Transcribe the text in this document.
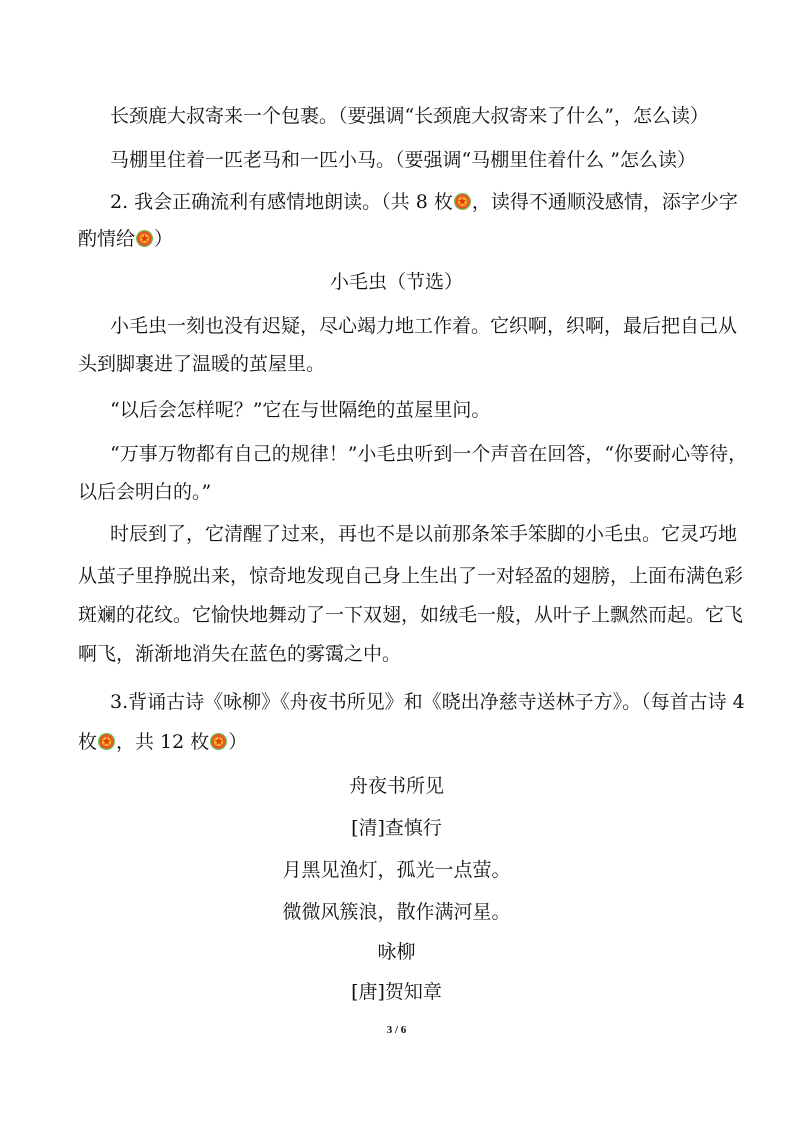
长颈鹿大叔寄来一个包裹。（要强调“长颈鹿大叔寄来了什么”，怎么读）
马棚里住着一匹老马和一匹小马。（要强调“马棚里住着什么 ”怎么读）
2. 我会正确流利有感情地朗读。（共 8 枚 ★ ，读得不通顺没感情，添字少字
酌情给 ★ ）
小毛虫（节选）
小毛虫一刻也没有迟疑，尽心竭力地工作着。它织啊，织啊，最后把自己从
头到脚裹进了温暖的茧屋里。
“以后会怎样呢？”它在与世隔绝的茧屋里问。
“万事万物都有自己的规律！”小毛虫听到一个声音在回答，“你要耐心等待，
以后会明白的。”
时辰到了，它清醒了过来，再也不是以前那条笨手笨脚的小毛虫。它灵巧地
从茧子里挣脱出来，惊奇地发现自己身上生出了一对轻盈的翅膀，上面布满色彩
斑斓的花纹。它愉快地舞动了一下双翅，如绒毛一般，从叶子上飘然而起。它飞
啊飞，渐渐地消失在蓝色的雾霭之中。
3.背诵古诗《咏柳》《舟夜书所见》和《晓出净慈寺送林子方》。（每首古诗 4
枚 ★ ，共 12 枚 ★ ）
舟夜书所见
[清]查慎行
月黑见渔灯，孤光一点萤。
微微风簇浪，散作满河星。
咏柳
[唐]贺知章
3 / 6
